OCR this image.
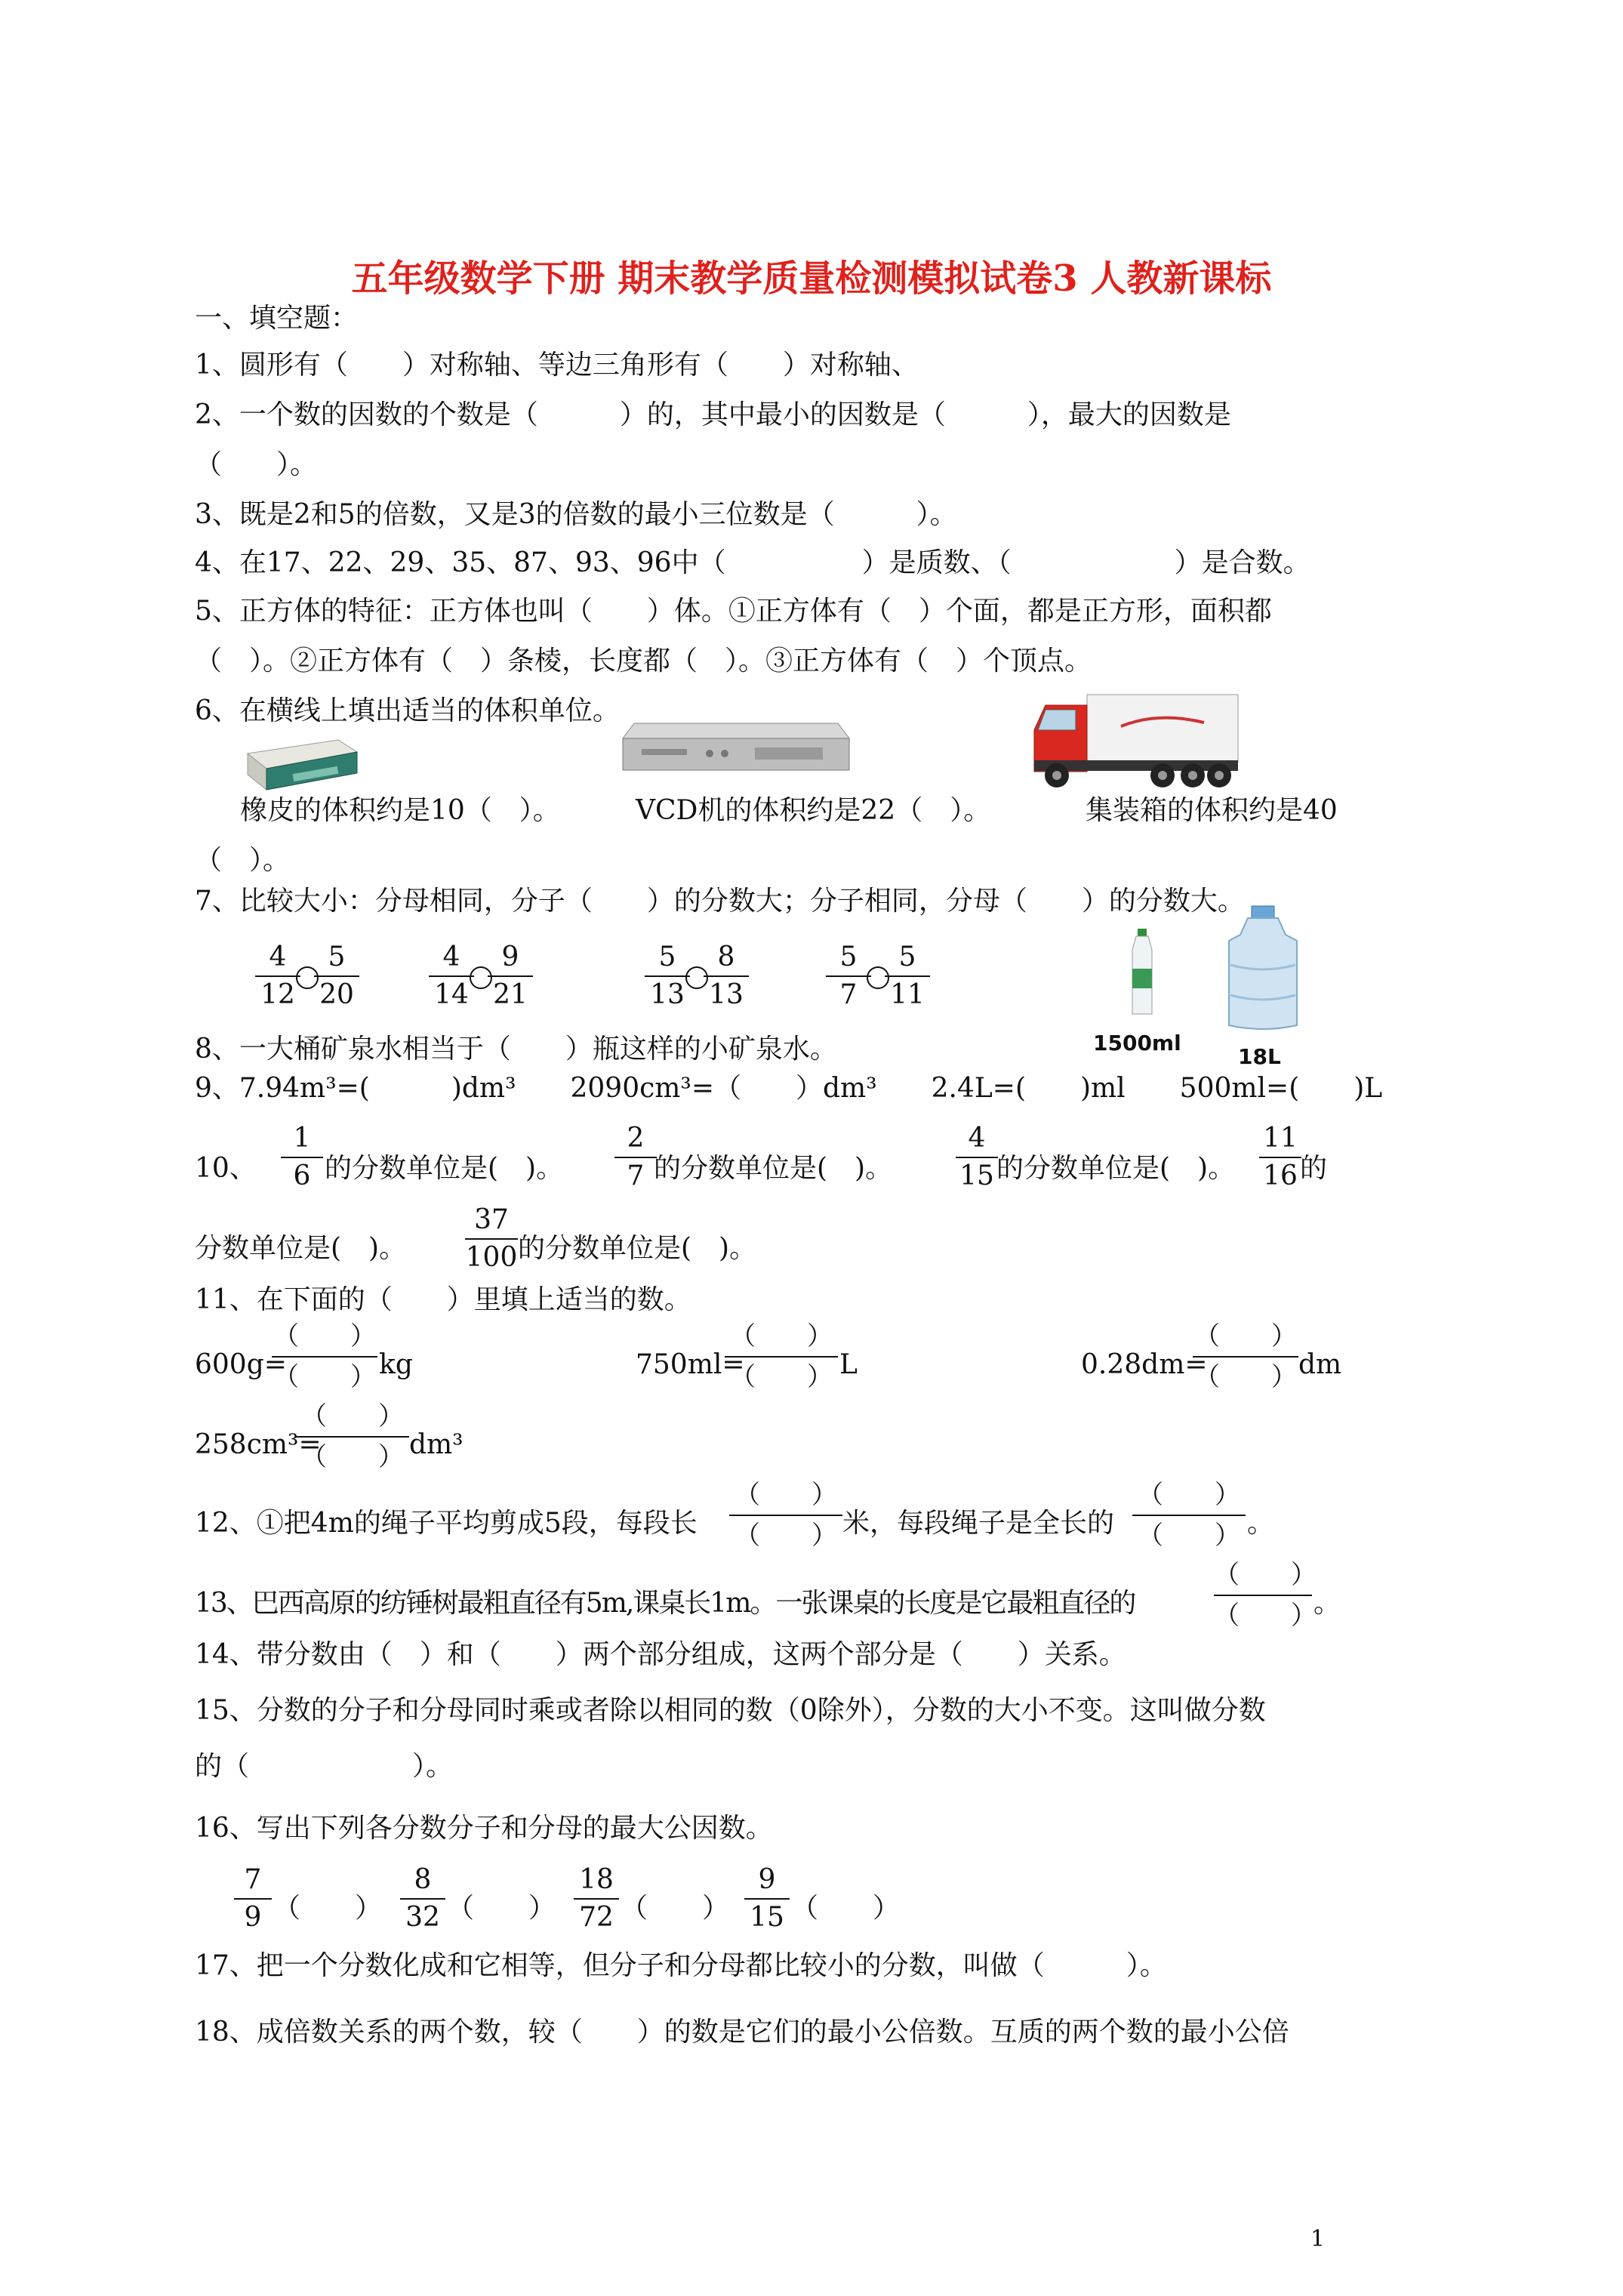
五年级数学下册 期末教学质量检测模拟试卷3 人教新课标
一、填空题：
1、圆形有（　　）对称轴、等边三角形有（　　）对称轴、
2、一个数的因数的个数是（　　　）的，其中最小的因数是（　　　），最大的因数是
（　　）。
3、既是2和5的倍数，又是3的倍数的最小三位数是（　　　）。
4、在17、22、29、35、87、93、96中（　　　　　）是质数、（　　　　　　）是合数。
5、正方体的特征：正方体也叫（　　）体。①正方体有（　）个面，都是正方形，面积都
（　）。②正方体有（　）条棱，长度都（　）。③正方体有（　）个顶点。
6、在横线上填出适当的体积单位。
橡皮的体积约是10（　）。	VCD机的体积约是22（　）。	集装箱的体积约是40
（　）。
7、比较大小：分母相同，分子（　　）的分数大；分子相同，分母（　　）的分数大。
4
12
5
20
4
14
9
21
5
13
8
13
5
7
5
11
1500ml
18L
8、一大桶矿泉水相当于（　　）瓶这样的小矿泉水。
9、7.94m³=(　　　)dm³　　2090cm³=（　　）dm³　　2.4L=(　　)ml　　500ml=(　　)L
10、
1
6 的分数单位是(　)。
2
7 的分数单位是(　)。
4
15 的分数单位是(　)。
11
16 的
分数单位是(　)。
37
100 的分数单位是(　)。
11、在下面的（　　）里填上适当的数。
600g=
（　　）
（　　） kg	750ml=
（　　）
（　　） L	0.28dm=
（　　）
（　　） dm
258cm³=
（　　）
（　　） dm³
12、①把4m的绳子平均剪成5段，每段长
（　　）
（　　） 米，每段绳子是全长的
（　　）
（　　） 。
13、巴西高原的纺锤树最粗直径有5m,课桌长1m。一张课桌的长度是它最粗直径的
（　　）
（　　）
。
14、带分数由（　）和（　　）两个部分组成，这两个部分是（　　）关系。
15、分数的分子和分母同时乘或者除以相同的数（0除外），分数的大小不变。这叫做分数
的（　　　　　　）。
16、写出下列各分数分子和分母的最大公因数。
7
9 （　　）
8
32 （　　）
18
72 （　　）
9
15 （　　）
17、把一个分数化成和它相等，但分子和分母都比较小的分数，叫做（　　　）。
18、成倍数关系的两个数，较（　　）的数是它们的最小公倍数。互质的两个数的最小公倍
1
